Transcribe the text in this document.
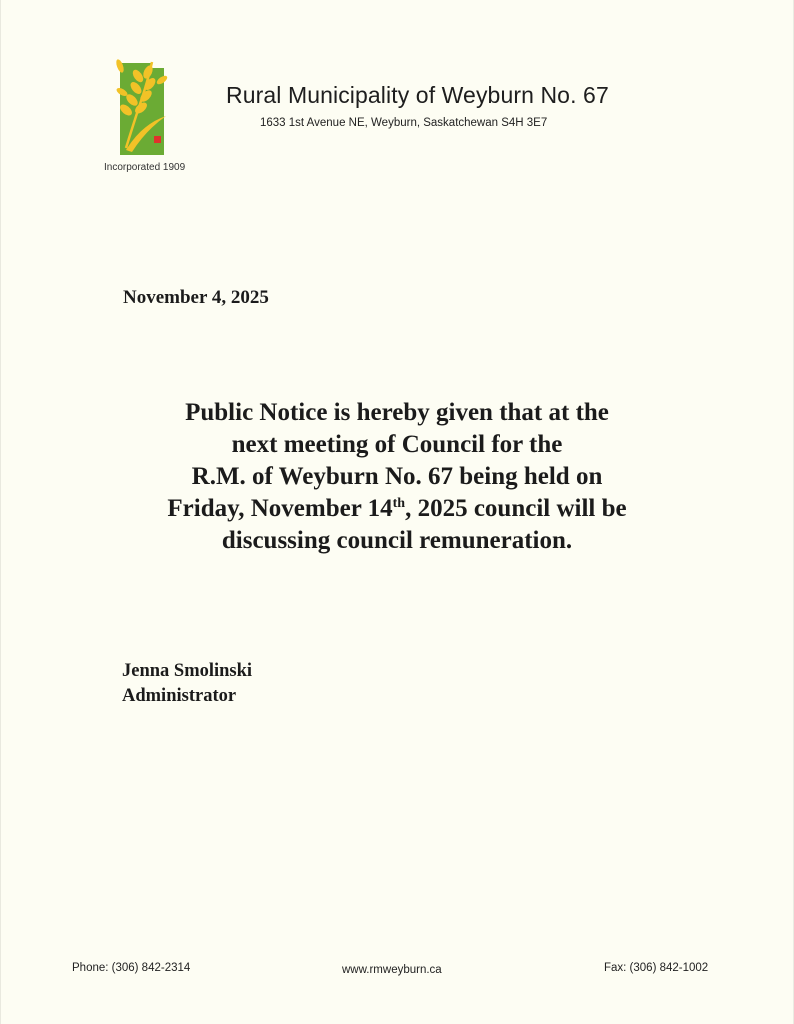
Incorporated 1909
Rural Municipality of Weyburn No. 67
1633 1st Avenue NE, Weyburn, Saskatchewan S4H 3E7
November 4, 2025
Public Notice is hereby given that at the
next meeting of Council for the
R.M. of Weyburn No. 67 being held on
Friday, November 14th, 2025 council will be
discussing council remuneration.
Jenna Smolinski
Administrator
Phone: (306) 842-2314	www.rmweyburn.ca	Fax: (306) 842-1002
